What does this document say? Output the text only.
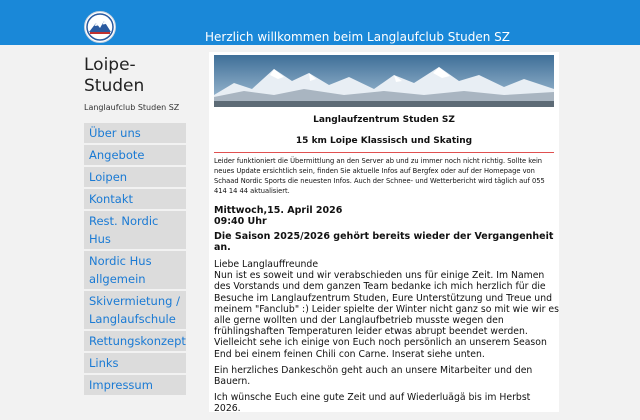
Herzlich willkommen beim Langlaufclub Studen SZ
Loipe-Studen
Langlaufclub Studen SZ
Über uns
Angebote
Loipen
Kontakt
Rest. Nordic Hus
Nordic Hus allgemein
Skivermietung / Langlaufschule
Rettungskonzept
Links
Impressum
Langlaufzentrum Studen SZ
15 km Loipe Klassisch und Skating
Leider funktioniert die Übermittlung an den Server ab und zu immer noch nicht richtig. Sollte kein neues Update ersichtlich sein, finden Sie aktuelle Infos auf Bergfex oder auf der Homepage von Schaad Nordic Sports die neuesten Infos. Auch der Schnee- und Wetterbericht wird täglich auf 055 414 14 44 aktualisiert.
Mittwoch,15. April 2026
09:40 Uhr
Die Saison 2025/2026 gehört bereits wieder der Vergangenheit an.

Liebe Langlauffreunde
Nun ist es soweit und wir verabschieden uns für einige Zeit. Im Namen des Vorstands und dem ganzen Team bedanke ich mich herzlich für die Besuche im Langlaufzentrum Studen, Eure Unterstützung und Treue und meinem "Fanclub" :) Leider spielte der Winter nicht ganz so mit wie wir es alle gerne wollten und der Langlaufbetrieb musste wegen den frühlingshaften Temperaturen leider etwas abrupt beendet werden. Vielleicht sehe ich einige von Euch noch persönlich an unserem Season End bei einem feinen Chili con Carne. Inserat siehe unten.

Ein herzliches Dankeschön geht auch an unsere Mitarbeiter und den Bauern.

Ich wünsche Euch eine gute Zeit und auf Wiederluägä bis im Herbst 2026.
